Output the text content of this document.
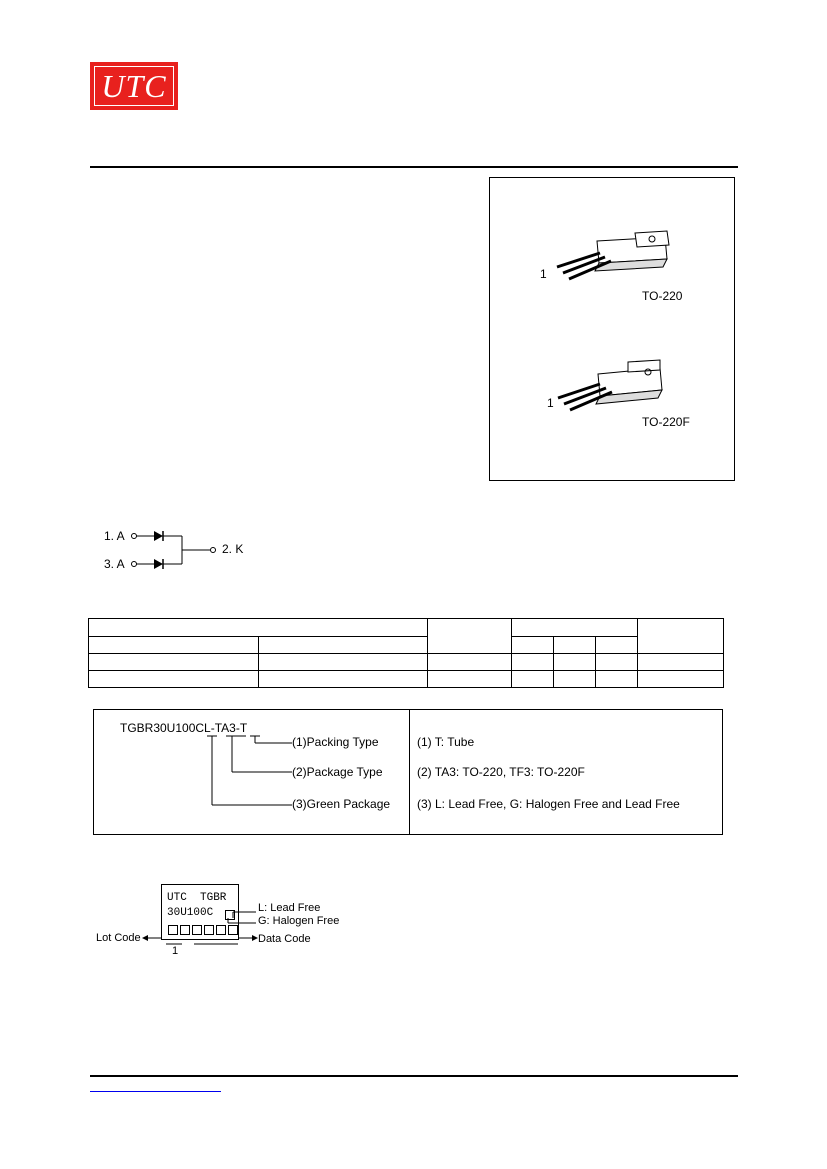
UTC
1
TO-220
1
TO-220F
1. A
3. A
2. K

TGBR30U100CL-TA3-T
(1)Packing Type
(2)Package Type
(3)Green Package
(1) T: Tube
(2) TA3: TO-220, TF3: TO-220F
(3) L: Lead Free, G: Halogen Free and Lead Free
UTC  TGBR
30U100C	L: Lead Free
G: Halogen Free
Lot Code	Data Code
1
